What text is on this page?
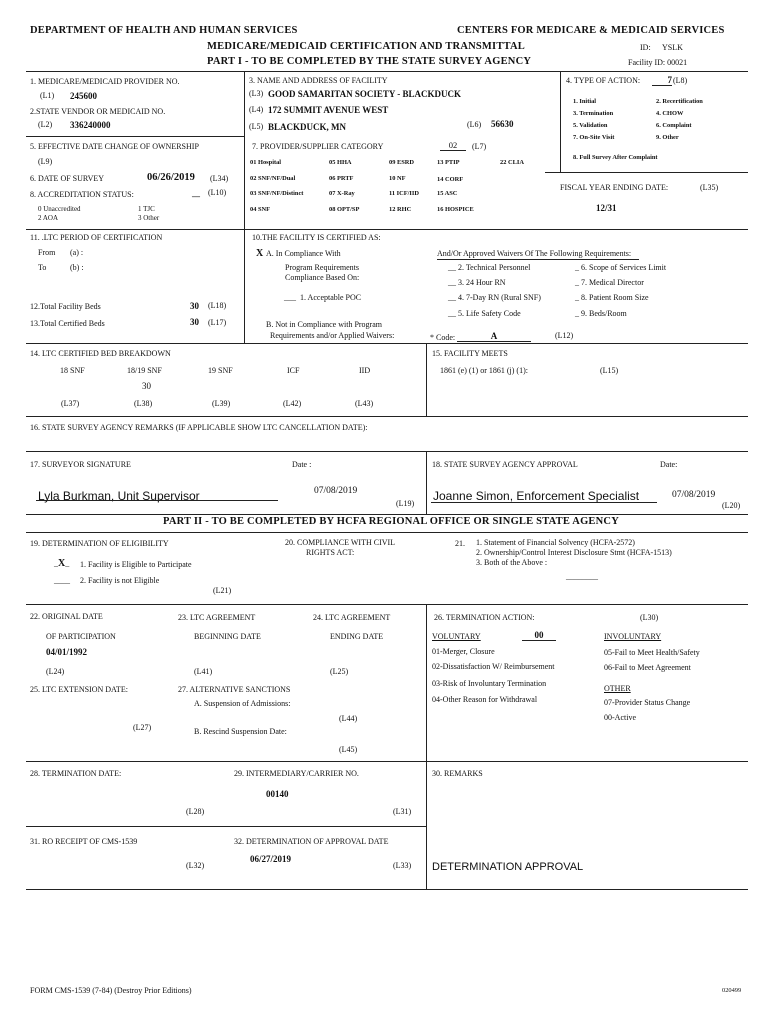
DEPARTMENT OF HEALTH AND HUMAN SERVICES	CENTERS FOR MEDICARE & MEDICAID SERVICES
MEDICARE/MEDICAID CERTIFICATION AND TRANSMITTAL	ID: YSLK
PART I - TO BE COMPLETED BY THE STATE SURVEY AGENCY	Facility ID: 00021
1. MEDICARE/MEDICAID PROVIDER NO.
(L1) 245600
2.STATE VENDOR OR MEDICAID NO.
(L2) 336240000
3. NAME AND ADDRESS OF FACILITY
(L3) GOOD SAMARITAN SOCIETY - BLACKDUCK
(L4) 172 SUMMIT AVENUE WEST
(L5) BLACKDUCK, MN	(L6) 56630
4. TYPE OF ACTION:	7 (L8)
1. Initial	2. Recertification
3. Termination	4. CHOW
5. Validation	6. Complaint
7. On-Site Visit	9. Other
8. Full Survey After Complaint
5. EFFECTIVE DATE CHANGE OF OWNERSHIP
(L9)
6. DATE OF SURVEY	06/26/2019 (L34)
8. ACCREDITATION STATUS:	__ (L10)
0 Unaccredited	1 TJC
2 AOA	3 Other
7. PROVIDER/SUPPLIER CATEGORY	02	(L7)
01 Hospital	05 HHA	09 ESRD	13 PTIP	22 CLIA
02 SNF/NF/Dual	06 PRTF	10 NF	14 CORF
03 SNF/NF/Distinct	07 X-Ray	11 ICF/IID	15 ASC
04 SNF	08 OPT/SP	12 RHC	16 HOSPICE
FISCAL YEAR ENDING DATE:	(L35)
12/31
11. .LTC PERIOD OF CERTIFICATION
From (a) :
To	(b) :
12.Total Facility Beds	30 (L18)
13.Total Certified Beds	30 (L17)
10.THE FACILITY IS CERTIFIED AS:
X A. In Compliance With
Program Requirements
Compliance Based On:
___ 1. Acceptable POC
B. Not in Compliance with Program
Requirements and/or Applied Waivers:
And/Or Approved Waivers Of The Following Requirements:
__ 2. Technical Personnel
__ 3. 24 Hour RN
__ 4. 7-Day RN (Rural SNF)
__ 5. Life Safety Code
_ 6. Scope of Services Limit
_ 7. Medical Director
_ 8. Patient Room Size
_ 9. Beds/Room
* Code:	A	(L12)
14. LTC CERTIFIED BED BREAKDOWN
18 SNF	18/19 SNF	19 SNF	ICF	IID
30
(L37)	(L38)	(L39)	(L42)	(L43)
15. FACILITY MEETS
1861 (e) (1) or 1861 (j) (1):	(L15)
16. STATE SURVEY AGENCY REMARKS (IF APPLICABLE SHOW LTC CANCELLATION DATE):
17. SURVEYOR SIGNATURE	Date :
Lyla Burkman, Unit Supervisor	07/08/2019
(L19)
18. STATE SURVEY AGENCY APPROVAL	Date:
Joanne Simon, Enforcement Specialist	07/08/2019
(L20)
PART II - TO BE COMPLETED BY HCFA REGIONAL OFFICE OR SINGLE STATE AGENCY
19. DETERMINATION OF ELIGIBILITY
_X_ 1. Facility is Eligible to Participate
____ 2. Facility is not Eligible
(L21)
20. COMPLIANCE WITH CIVIL
RIGHTS ACT:
21. 1. Statement of Financial Solvency (HCFA-2572)
2. Ownership/Control Interest Disclosure Stmt (HCFA-1513)
3. Both of the Above :
________
22. ORIGINAL DATE
OF PARTICIPATION
04/01/1992
(L24)
23. LTC AGREEMENT
BEGINNING DATE
(L41)
24. LTC AGREEMENT
ENDING DATE
(L25)
25. LTC EXTENSION DATE:
(L27)
27. ALTERNATIVE SANCTIONS
A. Suspension of Admissions:
(L44)
B. Rescind Suspension Date:
(L45)
26. TERMINATION ACTION:	(L30)
VOLUNTARY	00	INVOLUNTARY
01-Merger, Closure
02-Dissatisfaction W/ Reimbursement
03-Risk of Involuntary Termination
04-Other Reason for Withdrawal
05-Fail to Meet Health/Safety
06-Fail to Meet Agreement
OTHER
07-Provider Status Change
00-Active
28. TERMINATION DATE:
(L28)
29. INTERMEDIARY/CARRIER NO.
00140
(L31)
30. REMARKS
31. RO RECEIPT OF CMS-1539
(L32)
32. DETERMINATION OF APPROVAL DATE
06/27/2019
(L33) DETERMINATION APPROVAL
FORM CMS-1539 (7-84) (Destroy Prior Editions)	020499
